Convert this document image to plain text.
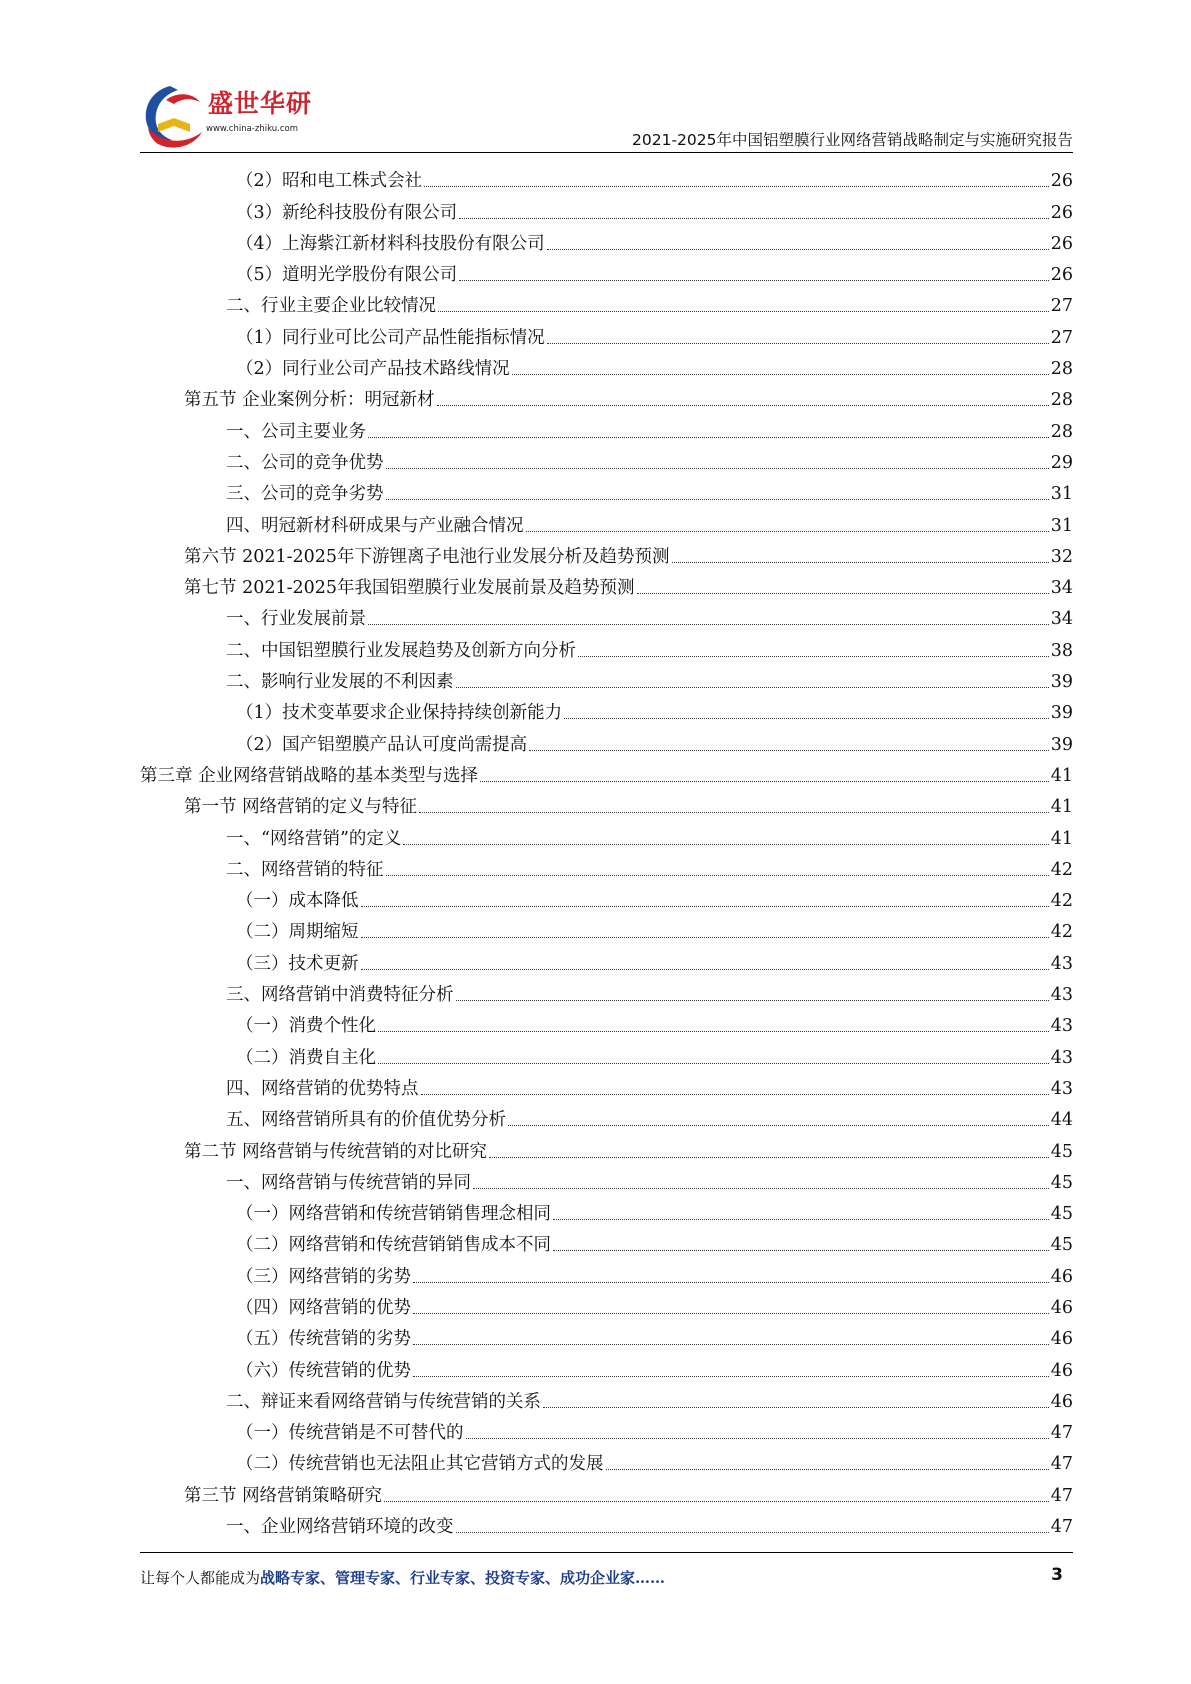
盛世华研
www.china-zhiku.com
2021-2025年中国铝塑膜行业网络营销战略制定与实施研究报告
（2）昭和电工株式会社	26
（3）新纶科技股份有限公司	26
（4）上海紫江新材料科技股份有限公司	26
（5）道明光学股份有限公司	26
二、行业主要企业比较情况	27
（1）同行业可比公司产品性能指标情况	27
（2）同行业公司产品技术路线情况	28
第五节 企业案例分析：明冠新材	28
一、公司主要业务	28
二、公司的竞争优势	29
三、公司的竞争劣势	31
四、明冠新材科研成果与产业融合情况	31
第六节 2021-2025年下游锂离子电池行业发展分析及趋势预测	32
第七节 2021-2025年我国铝塑膜行业发展前景及趋势预测	34
一、行业发展前景	34
二、中国铝塑膜行业发展趋势及创新方向分析	38
二、影响行业发展的不利因素	39
（1）技术变革要求企业保持持续创新能力	39
（2）国产铝塑膜产品认可度尚需提高	39
第三章 企业网络营销战略的基本类型与选择	41
第一节 网络营销的定义与特征	41
一、“网络营销”的定义	41
二、网络营销的特征	42
（一）成本降低	42
（二）周期缩短	42
（三）技术更新	43
三、网络营销中消费特征分析	43
（一）消费个性化	43
（二）消费自主化	43
四、网络营销的优势特点	43
五、网络营销所具有的价值优势分析	44
第二节 网络营销与传统营销的对比研究	45
一、网络营销与传统营销的异同	45
（一）网络营销和传统营销销售理念相同	45
（二）网络营销和传统营销销售成本不同	45
（三）网络营销的劣势	46
（四）网络营销的优势	46
（五）传统营销的劣势	46
（六）传统营销的优势	46
二、辩证来看网络营销与传统营销的关系	46
（一）传统营销是不可替代的	47
（二）传统营销也无法阻止其它营销方式的发展	47
第三节 网络营销策略研究	47
一、企业网络营销环境的改变	47
让每个人都能成为战略专家、管理专家、行业专家、投资专家、成功企业家……	3
